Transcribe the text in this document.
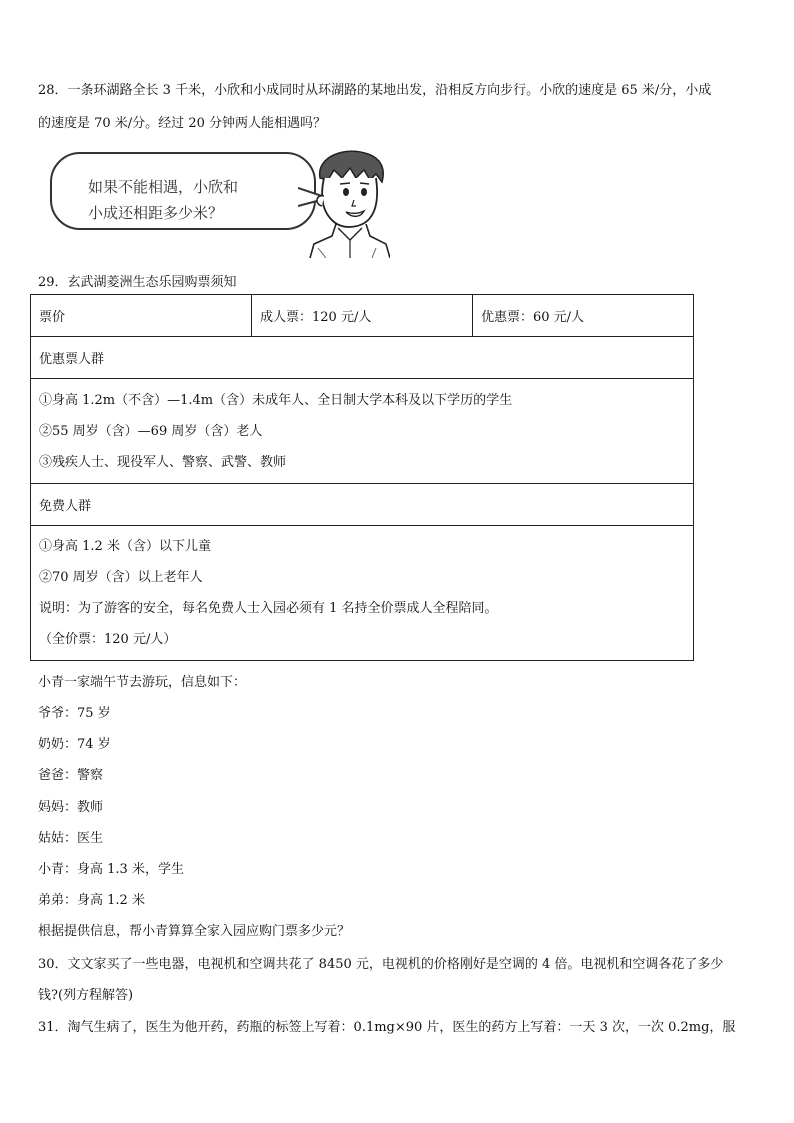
28．一条环湖路全长 3 千米，小欣和小成同时从环湖路的某地出发，沿相反方向步行。小欣的速度是 65 米/分，小成
的速度是 70 米/分。经过 20 分钟两人能相遇吗？
如果不能相遇，小欣和
小成还相距多少米？
29．玄武湖菱洲生态乐园购票须知
票价	成人票：120 元/人	优惠票：60 元/人
优惠票人群

①身高 1.2m（不含）—1.4m（含）未成年人、全日制大学本科及以下学历的学生
②55 周岁（含）—69 周岁（含）老人
③残疾人士、现役军人、警察、武警、教师

免费人群

①身高 1.2 米（含）以下儿童
②70 周岁（含）以上老年人
说明：为了游客的安全，每名免费人士入园必须有 1 名持全价票成人全程陪同。
（全价票：120 元/人）
小青一家端午节去游玩，信息如下：
爷爷：75 岁
奶奶：74 岁
爸爸：警察
妈妈：教师
姑姑：医生
小青：身高 1.3 米，学生
弟弟：身高 1.2 米
根据提供信息，帮小青算算全家入园应购门票多少元？
30．文文家买了一些电器，电视机和空调共花了 8450 元，电视机的价格刚好是空调的 4 倍。电视机和空调各花了多少
钱?(列方程解答)
31．淘气生病了，医生为他开药，药瓶的标签上写着：0.1mg×90 片，医生的药方上写着：一天 3 次，一次 0.2mg，服
